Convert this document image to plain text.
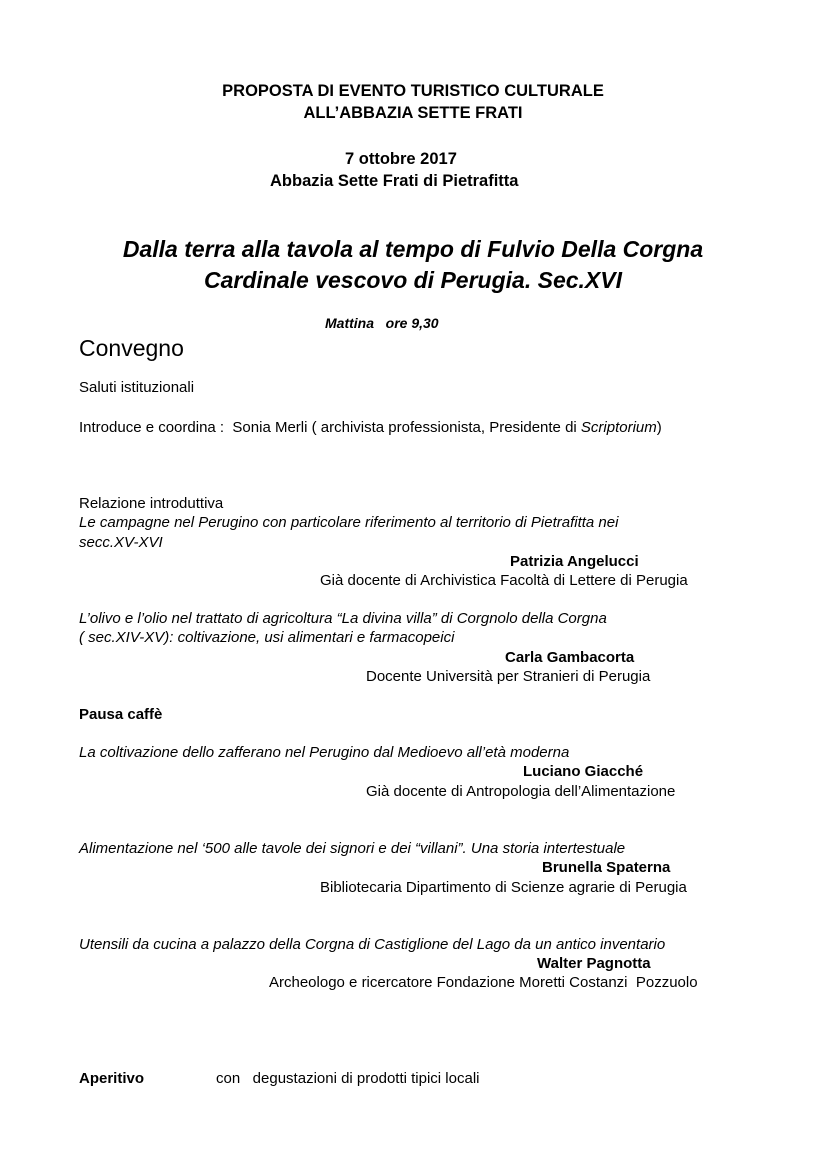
PROPOSTA DI EVENTO TURISTICO CULTURALE
ALL’ABBAZIA SETTE FRATI
7 ottobre 2017
Abbazia Sette Frati di Pietrafitta
Dalla terra alla tavola al tempo di Fulvio Della Corgna
Cardinale vescovo di Perugia. Sec.XVI
Mattina   ore 9,30
Convegno
Saluti istituzionali
Introduce e coordina :  Sonia Merli ( archivista professionista, Presidente di Scriptorium)
Relazione introduttiva
Le campagne nel Perugino con particolare riferimento al territorio di Pietrafitta nei
secc.XV-XVI
Patrizia Angelucci
Già docente di Archivistica Facoltà di Lettere di Perugia
L’olivo e l’olio nel trattato di agricoltura “La divina villa” di Corgnolo della Corgna
( sec.XIV-XV): coltivazione, usi alimentari e farmacopeici
Carla Gambacorta
Docente Università per Stranieri di Perugia
Pausa caffè
La coltivazione dello zafferano nel Perugino dal Medioevo all’età moderna
Luciano Giacché
Già docente di Antropologia dell’Alimentazione
Alimentazione nel ‘500 alle tavole dei signori e dei “villani”. Una storia intertestuale
Brunella Spaterna
Bibliotecaria Dipartimento di Scienze agrarie di Perugia
Utensili da cucina a palazzo della Corgna di Castiglione del Lago da un antico inventario
Walter Pagnotta
Archeologo e ricercatore Fondazione Moretti Costanzi  Pozzuolo
Aperitivo	con   degustazioni di prodotti tipici locali
